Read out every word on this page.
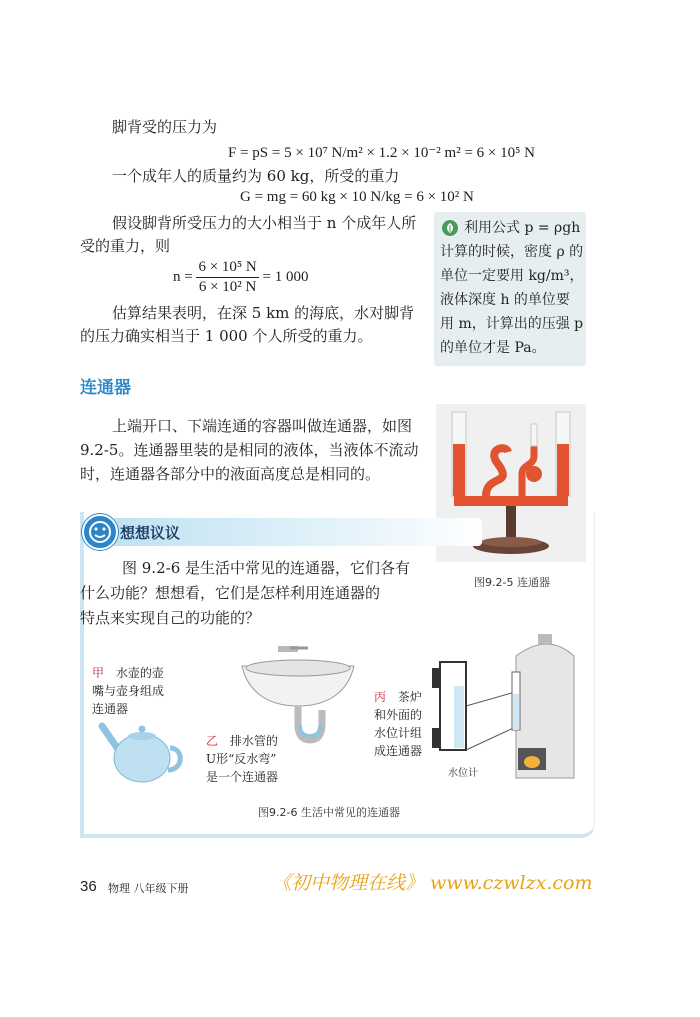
脚背受的压力为
F = pS = 5 × 10⁷ N/m² × 1.2 × 10⁻² m² = 6 × 10⁵ N
一个成年人的质量约为 60 kg，所受的重力
G = mg = 60 kg × 10 N/kg = 6 × 10² N
假设脚背所受压力的大小相当于 n 个成年人所
受的重力，则
$n = \frac{\text{6 × 10⁵ N}}{\text{6 × 10² N}} = 1$ 000
估算结果表明，在深 5 km 的海底，水对脚背
的压力确实相当于 1 000 个人所受的重力。
利用公式 p = ρgh
计算的时候，密度 ρ 的
单位一定要用 kg/m³，
液体深度 h 的单位要
用 m，计算出的压强 p
的单位才是 Pa。
连通器
上端开口、下端连通的容器叫做连通器，如图
9.2-5。连通器里装的是相同的液体，当液体不流动
时，连通器各部分中的液面高度总是相同的。
图9.2-5 连通器
想想议议
图 9.2-6 是生活中常见的连通器，它们各有
什么功能？想想看，它们是怎样利用连通器的
特点来实现自己的功能的？
甲 水壶的壶
嘴与壶身组成
连通器
乙 排水管的
U形“反水弯”
是一个连通器
丙 茶炉
和外面的
水位计组
成连通器
水位计
图9.2-6 生活中常见的连通器
36 物理 八年级下册	《初中物理在线》 www.czwlzx.com
